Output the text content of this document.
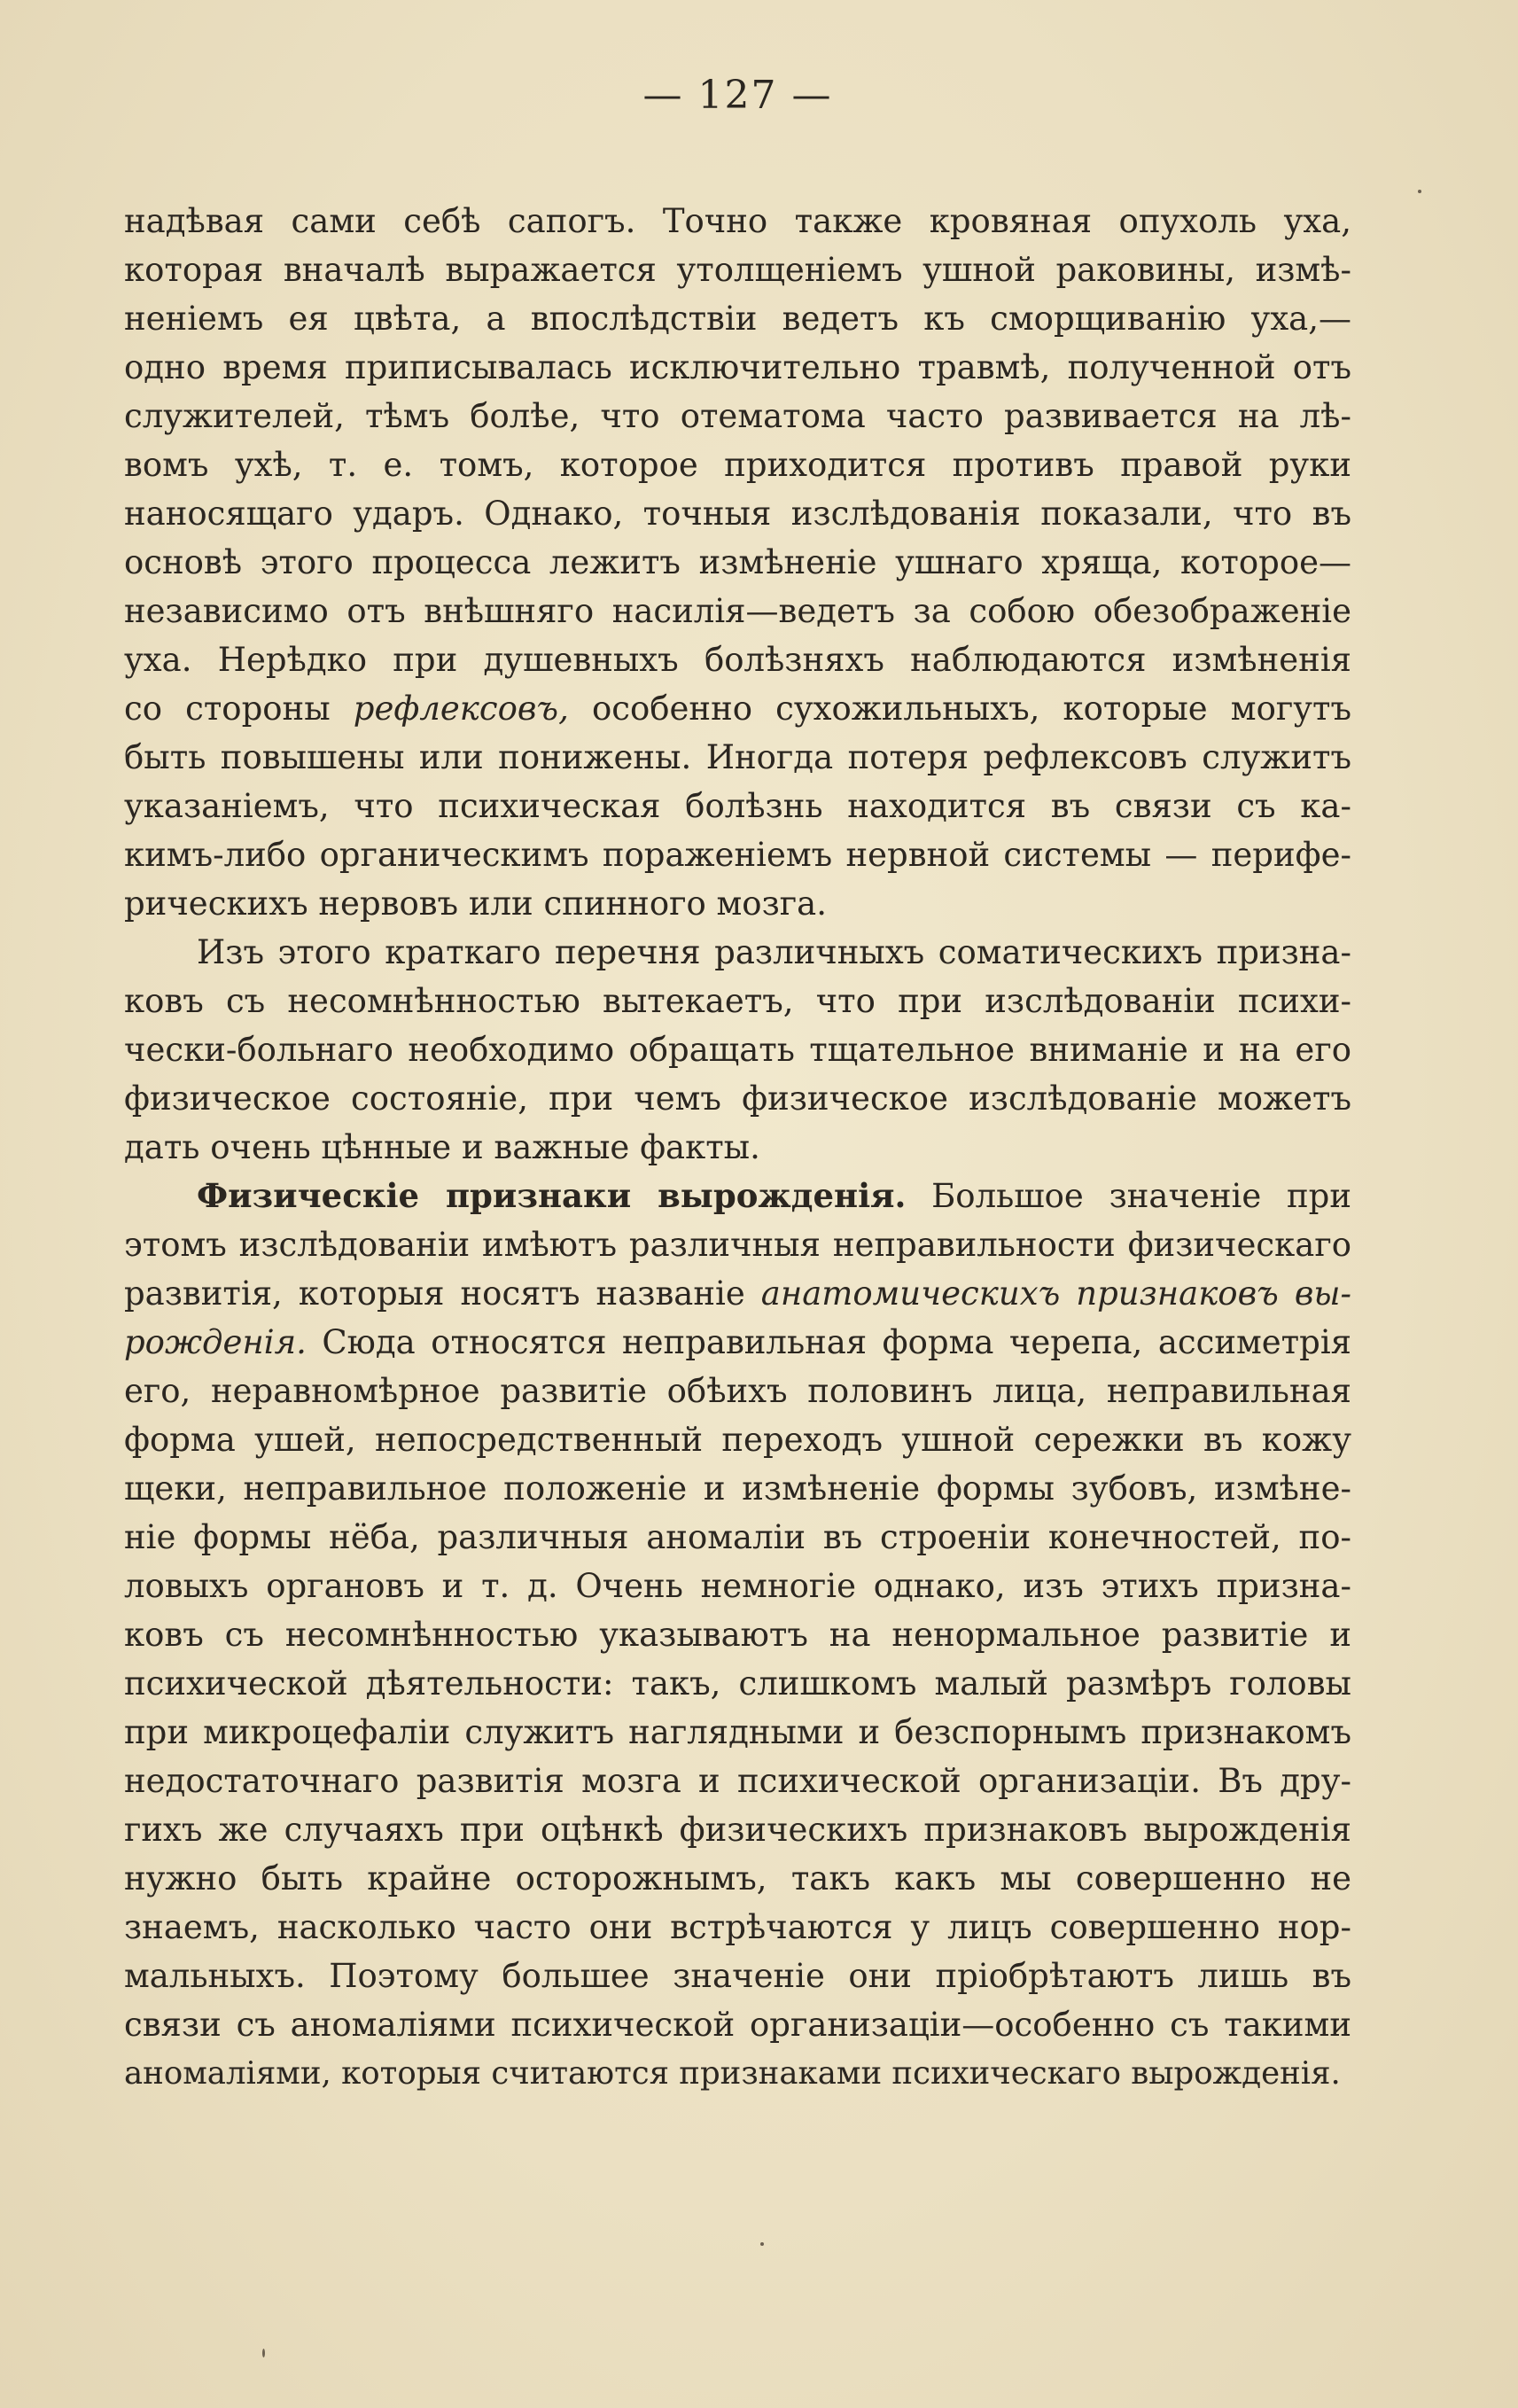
— 127 —

надѣвая сами себѣ сапогъ. Точно также кровяная опухоль уха,
которая вначалѣ выражается утолщеніемъ ушной раковины, измѣ-
неніемъ ея цвѣта, а впослѣдствіи ведетъ къ сморщиванію уха,—
одно время приписывалась исключительно травмѣ, полученной отъ
служителей, тѣмъ болѣе, что отематома часто развивается на лѣ-
вомъ ухѣ, т. е. томъ, которое приходится противъ правой руки
наносящаго ударъ. Однако, точныя изслѣдованія показали, что въ
основѣ этого процесса лежитъ измѣненіе ушнаго хряща, которое—
независимо отъ внѣшняго насилія—ведетъ за собою обезображеніе
уха. Нерѣдко при душевныхъ болѣзняхъ наблюдаются измѣненія
со стороны рефлексовъ, особенно сухожильныхъ, которые могутъ
быть повышены или понижены. Иногда потеря рефлексовъ служитъ
указаніемъ, что психическая болѣзнь находится въ связи съ ка-
кимъ-либо органическимъ пораженіемъ нервной системы — перифе-
рическихъ нервовъ или спинного мозга.

Изъ этого краткаго перечня различныхъ соматическихъ призна-
ковъ съ несомнѣнностью вытекаетъ, что при изслѣдованіи психи-
чески-больнаго необходимо обращать тщательное вниманіе и на его
физическое состояніе, при чемъ физическое изслѣдованіе можетъ
дать очень цѣнные и важные факты.

Физическіе признаки вырожденія. Большое значеніе при
этомъ изслѣдованіи имѣютъ различныя неправильности физическаго
развитія, которыя носятъ названіе анатомическихъ признаковъ вы-
рожденія. Сюда относятся неправильная форма черепа, ассиметрія
его, неравномѣрное развитіе обѣихъ половинъ лица, неправильная
форма ушей, непосредственный переходъ ушной сережки въ кожу
щеки, неправильное положеніе и измѣненіе формы зубовъ, измѣне-
ніе формы нёба, различныя аномаліи въ строеніи конечностей, по-
ловыхъ органовъ и т. д. Очень немногіе однако, изъ этихъ призна-
ковъ съ несомнѣнностью указываютъ на ненормальное развитіе и
психической дѣятельности: такъ, слишкомъ малый размѣръ головы
при микроцефаліи служитъ наглядными и безспорнымъ признакомъ
недостаточнаго развитія мозга и психической организаціи. Въ дру-
гихъ же случаяхъ при оцѣнкѣ физическихъ признаковъ вырожденія
нужно быть крайне осторожнымъ, такъ какъ мы совершенно не
знаемъ, насколько часто они встрѣчаются у лицъ совершенно нор-
мальныхъ. Поэтому большее значеніе они пріобрѣтаютъ лишь въ
связи съ аномаліями психической организаціи—особенно съ такими
аномаліями, которыя считаются признаками психическаго вырожденія.
